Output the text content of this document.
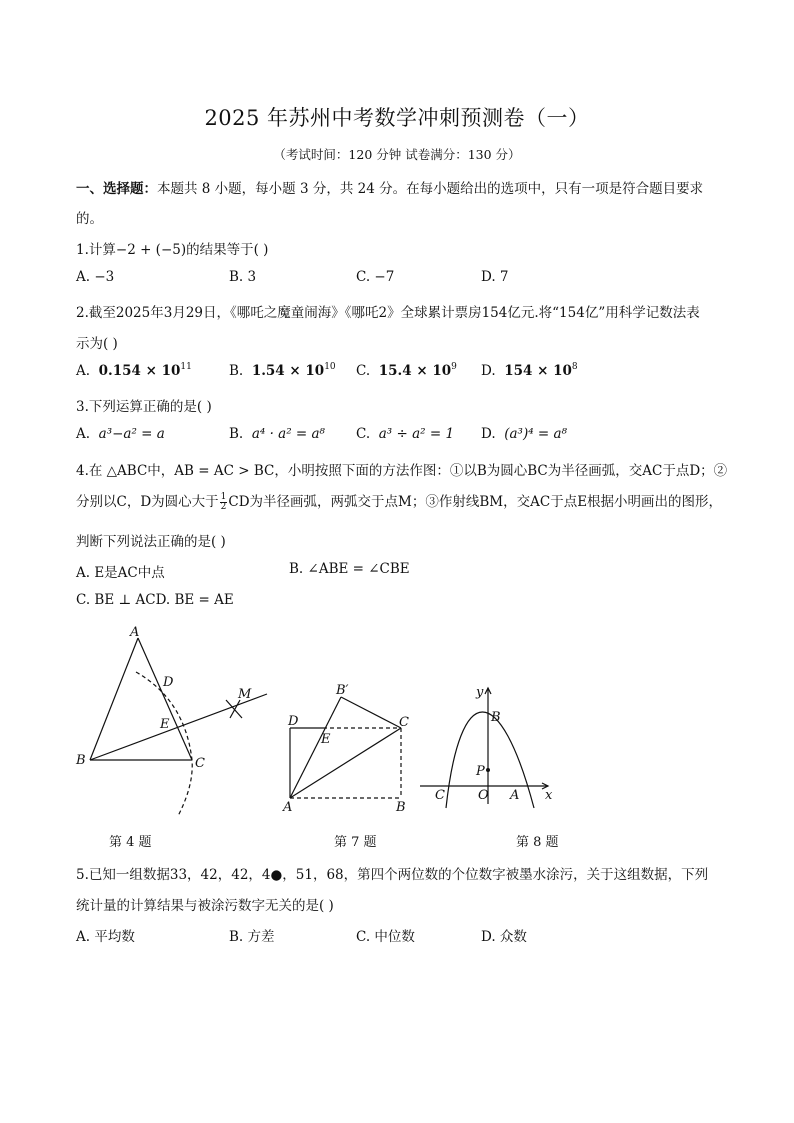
2025 年苏州中考数学冲刺预测卷（一）
（考试时间：120 分钟 试卷满分：130 分）
一、选择题：本题共 8 小题，每小题 3 分，共 24 分。在每小题给出的选项中，只有一项是符合题目要求
的。
1.计算−2 + (−5)的结果等于( )
A. −3	B. 3	C. −7	D. 7
2.截至2025年3月29日，《哪吒之魔童闹海》《哪吒2》全球累计票房154亿元.将“154亿”用科学记数法表
示为( )
A. $0.154 \times 10^{11}$	B. $1.54 \times 10^{10}$ C. $15.4 \times 10^9$ D. $154 \times 10^8$
3.下列运算正确的是( )
A. a³−a² = a	B. a⁴ · a² = a⁸ C. a³ ÷ a² = 1 D. (a³)⁴ = a⁸
4.在 △ABC中，AB = AC > BC，小明按照下面的方法作图：①以B为圆心BC为半径画弧，交AC于点D；②
分别以C，D为圆心大于 $\frac{1}{2}$ CD为半径画弧，两弧交于点M；③作射线BM，交AC于点E根据小明画出的图形，
判断下列说法正确的是( )
A. E是AC中点	B. ∠ABE = ∠CBE
C. BE ⊥ ACD. BE = AE
A
B	C
D
E
M	B′
C
D
E
A	B
y
B
P
C	O A x
第 4 题	第 7 题	第 8 题
5.已知一组数据33，42，42，4●，51，68，第四个两位数的个位数字被墨水涂污，关于这组数据，下列
统计量的计算结果与被涂污数字无关的是( )
A. 平均数	B. 方差	C. 中位数	D. 众数
